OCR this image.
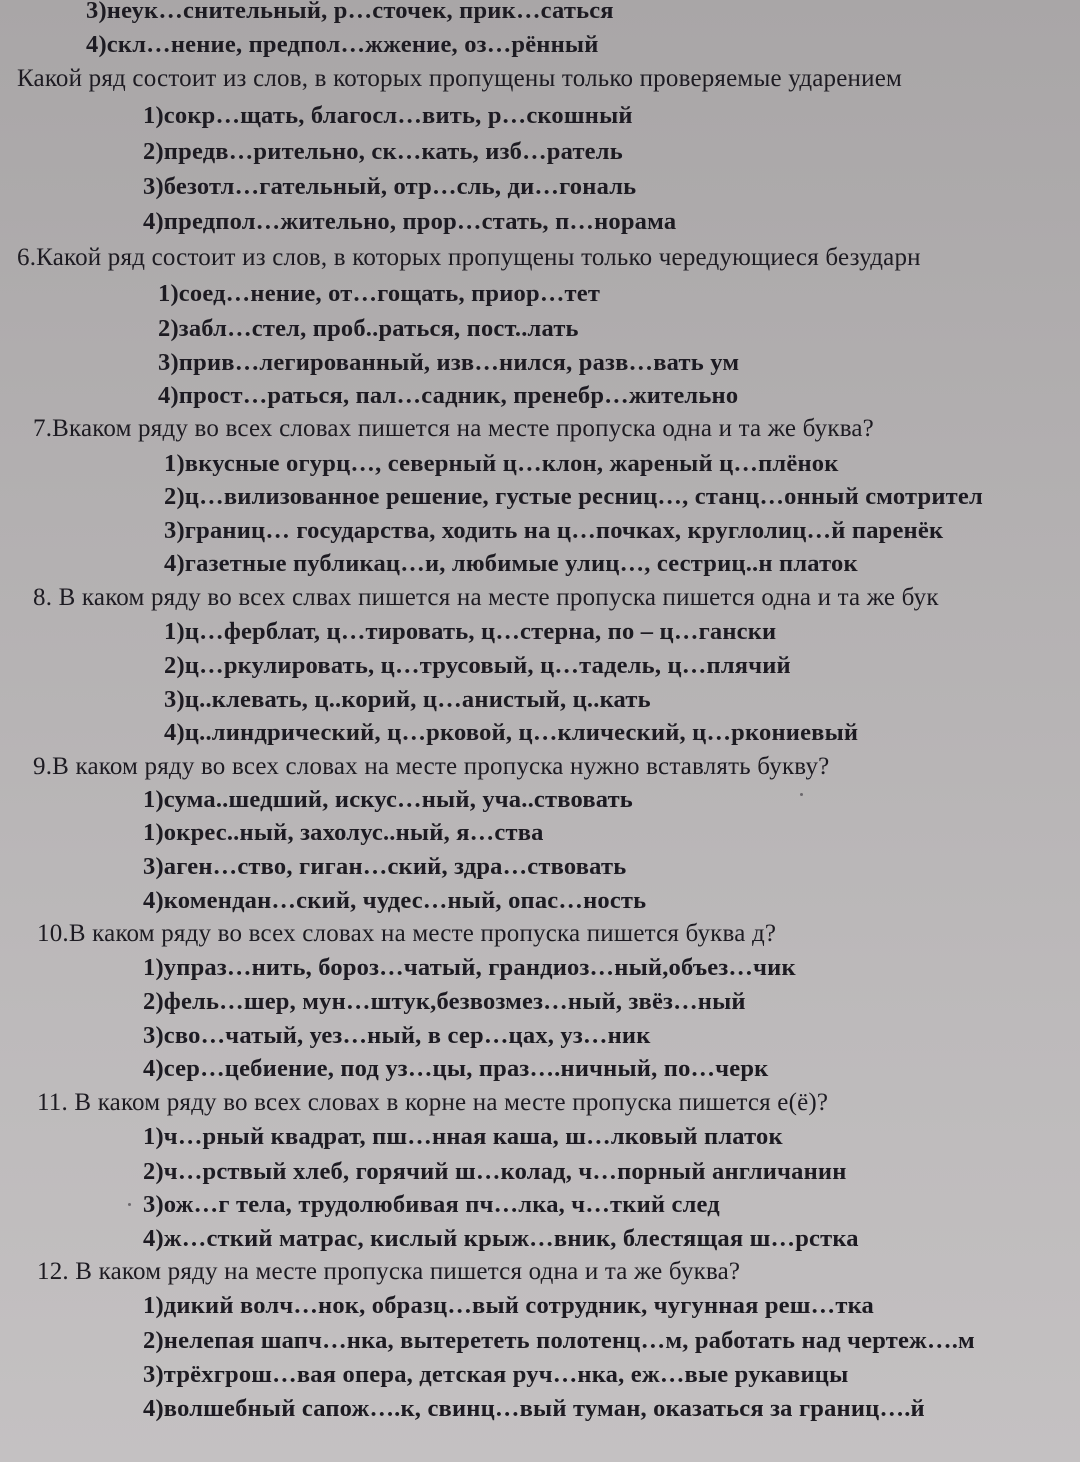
3)неук…снительный, р…сточек, прик…саться
4)скл…нение, предпол…жжение, оз…рённый
Какой ряд состоит из слов, в которых пропущены только проверяемые ударением
1)сокр…щать, благосл…вить, р…скошный
2)предв…рительно, ск…кать, изб…ратель
3)безотл…гательный, отр…сль, ди…гональ
4)предпол…жительно, прор…стать, п…норама
6.Какой ряд состоит из слов, в которых пропущены только чередующиеся безударн
1)соед…нение, от…гощать, приор…тет
2)забл…стел, проб..раться, пост..лать
3)прив…легированный, изв…нился, разв…вать ум
4)прост…раться, пал…садник, пренебр…жительно
7.Вкаком ряду во всех словах пишется на месте пропуска одна и та же буква?
1)вкусные огурц…, северный ц…клон, жареный ц…плёнок
2)ц…вилизованное решение, густые ресниц…, станц…онный смотрител
3)границ… государства, ходить на ц…почках, круглолиц…й паренёк
4)газетные публикац…и, любимые улиц…, сестриц..н платок
8. В каком ряду во всех слвах пишется на месте пропуска пишется одна и та же бук
1)ц…ферблат, ц…тировать, ц…стерна, по – ц…гански
2)ц…ркулировать, ц…трусовый, ц…тадель, ц…плячий
3)ц..клевать, ц..корий, ц…анистый, ц..кать
4)ц..линдрический, ц…рковой, ц…клический, ц…ркониевый
9.В каком ряду во всех словах на месте пропуска нужно вставлять букву?
1)сума..шедший, искус…ный, уча..ствовать
1)окрес..ный, захолус..ный, я…ства
3)аген…ство, гиган…ский, здра…ствовать
4)комендан…ский, чудес…ный, опас…ность
10.В каком ряду во всех словах на месте пропуска пишется буква д?
1)упраз…нить, бороз…чатый, грандиоз…ный,объез…чик
2)фель…шер, мун…штук,безвозмез…ный, звёз…ный
3)сво…чатый, уез…ный, в сер…цах, уз…ник
4)сер…цебиение, под уз…цы, праз….ничный, по…черк
11. В каком ряду во всех словах в корне на месте пропуска пишется е(ё)?
1)ч…рный квадрат, пш…нная каша, ш…лковый платок
2)ч…рствый хлеб, горячий ш…колад, ч…порный англичанин
3)ож…г тела, трудолюбивая пч…лка, ч…ткий след
4)ж…сткий матрас, кислый крыж…вник, блестящая ш…рстка
12. В каком ряду на месте пропуска пишется одна и та же буква?
1)дикий волч…нок, образц…вый сотрудник, чугунная реш…тка
2)нелепая шапч…нка, вытерететь полотенц…м, работать над чертеж….м
3)трёхгрош…вая опера, детская руч…нка, еж…вые рукавицы
4)волшебный сапож….к, свинц…вый туман, оказаться за границ….й
